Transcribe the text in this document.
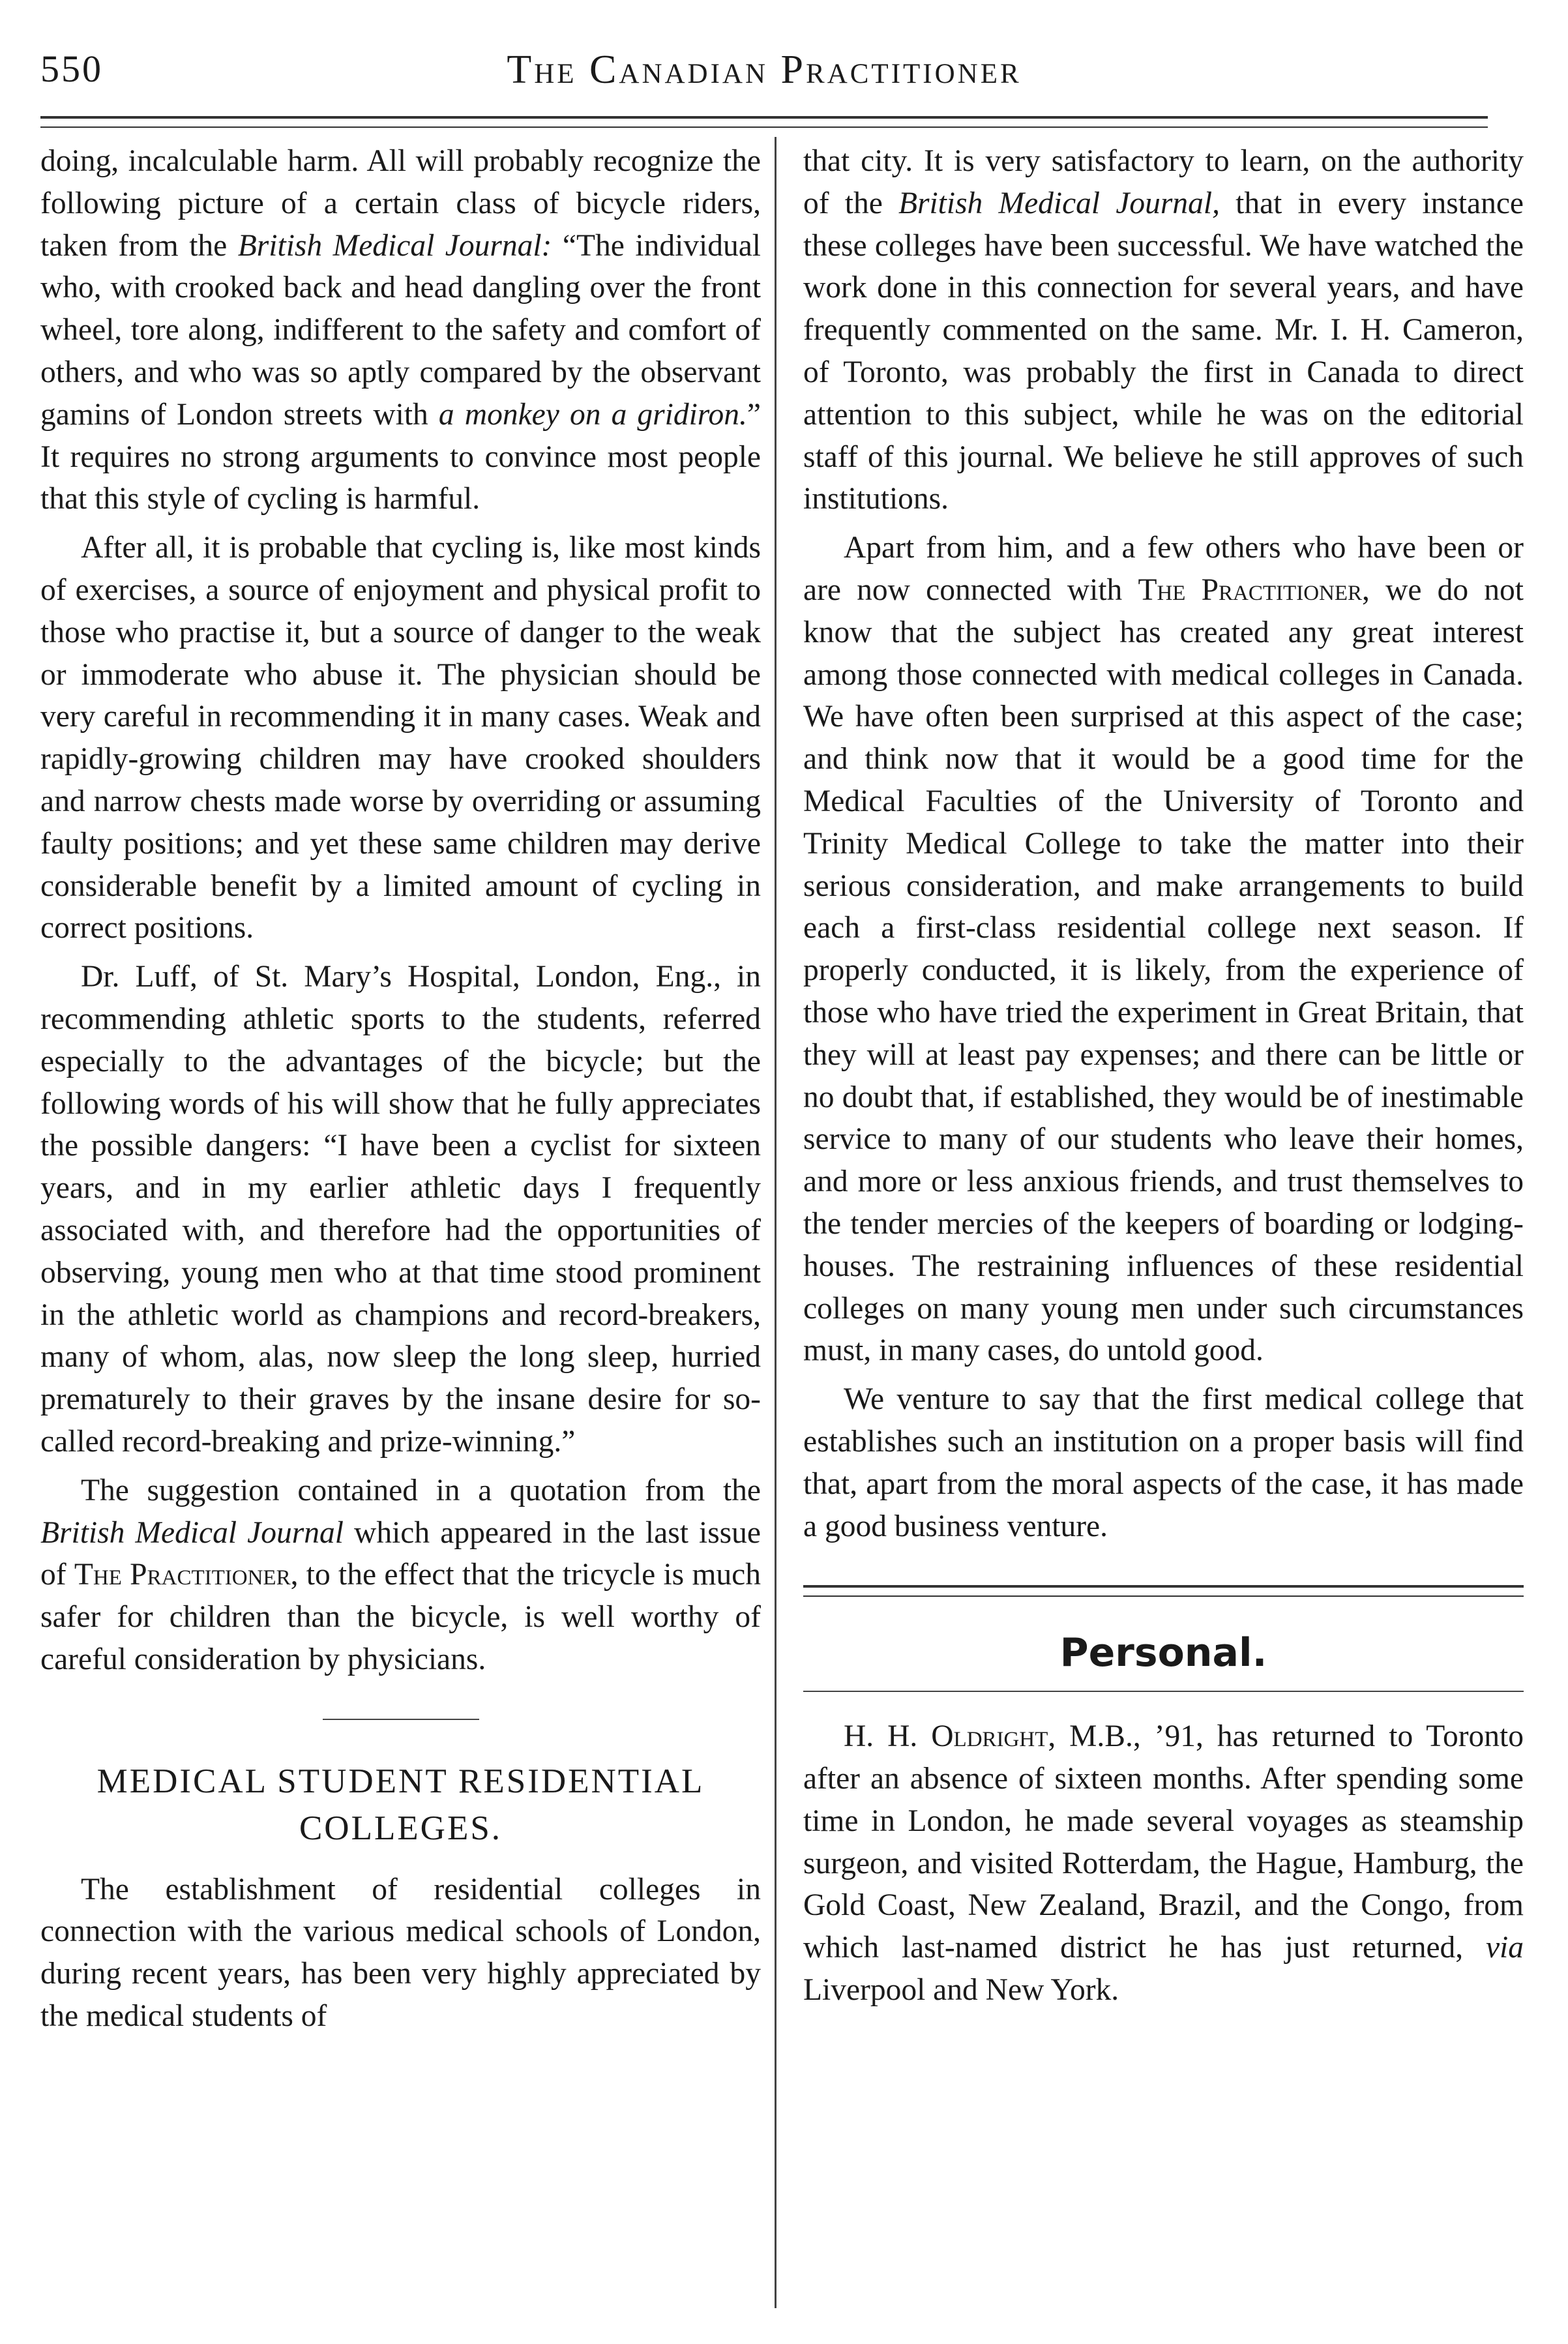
550	The Canadian Practitioner

doing, incalculable harm. All will probably recognize the following picture of a certain class of bicycle riders, taken from the British Medical Journal: “The individual who, with crooked back and head dangling over the front wheel, tore along, indifferent to the safety and comfort of others, and who was so aptly compared by the observant gamins of London streets with a monkey on a gridiron.” It requires no strong arguments to convince most people that this style of cycling is harmful.

After all, it is probable that cycling is, like most kinds of exercises, a source of enjoyment and physical profit to those who practise it, but a source of danger to the weak or immoderate who abuse it. The physician should be very careful in recommending it in many cases. Weak and rapidly-growing children may have crooked shoulders and narrow chests made worse by overriding or assuming faulty positions; and yet these same children may derive considerable benefit by a limited amount of cycling in correct positions.

Dr. Luff, of St. Mary’s Hospital, London, Eng., in recommending athletic sports to the students, referred especially to the advantages of the bicycle; but the following words of his will show that he fully appreciates the possible dangers: “I have been a cyclist for sixteen years, and in my earlier athletic days I frequently associated with, and therefore had the opportunities of observing, young men who at that time stood prominent in the athletic world as champions and record-breakers, many of whom, alas, now sleep the long sleep, hurried prematurely to their graves by the insane desire for so-called record-breaking and prize-winning.”

The suggestion contained in a quotation from the British Medical Journal which appeared in the last issue of The Practitioner, to the effect that the tricycle is much safer for children than the bicycle, is well worthy of careful consideration by physicians.

MEDICAL STUDENT RESIDENTIAL COLLEGES.

The establishment of residential colleges in connection with the various medical schools of London, during recent years, has been very highly appreciated by the medical students of

that city. It is very satisfactory to learn, on the authority of the British Medical Journal, that in every instance these colleges have been successful. We have watched the work done in this connection for several years, and have frequently commented on the same. Mr. I. H. Cameron, of Toronto, was probably the first in Canada to direct attention to this subject, while he was on the editorial staff of this journal. We believe he still approves of such institutions.

Apart from him, and a few others who have been or are now connected with The Practitioner, we do not know that the subject has created any great interest among those connected with medical colleges in Canada. We have often been surprised at this aspect of the case; and think now that it would be a good time for the Medical Faculties of the University of Toronto and Trinity Medical College to take the matter into their serious consideration, and make arrangements to build each a first-class residential college next season. If properly conducted, it is likely, from the experience of those who have tried the experiment in Great Britain, that they will at least pay expenses; and there can be little or no doubt that, if established, they would be of inestimable service to many of our students who leave their homes, and more or less anxious friends, and trust themselves to the tender mercies of the keepers of boarding or lodging-houses. The restraining influences of these residential colleges on many young men under such circumstances must, in many cases, do untold good.

We venture to say that the first medical college that establishes such an institution on a proper basis will find that, apart from the moral aspects of the case, it has made a good business venture.

Personal.

H. H. Oldright, M.B., ’91, has returned to Toronto after an absence of sixteen months. After spending some time in London, he made several voyages as steamship surgeon, and visited Rotterdam, the Hague, Hamburg, the Gold Coast, New Zealand, Brazil, and the Congo, from which last-named district he has just returned, via Liverpool and New York.
